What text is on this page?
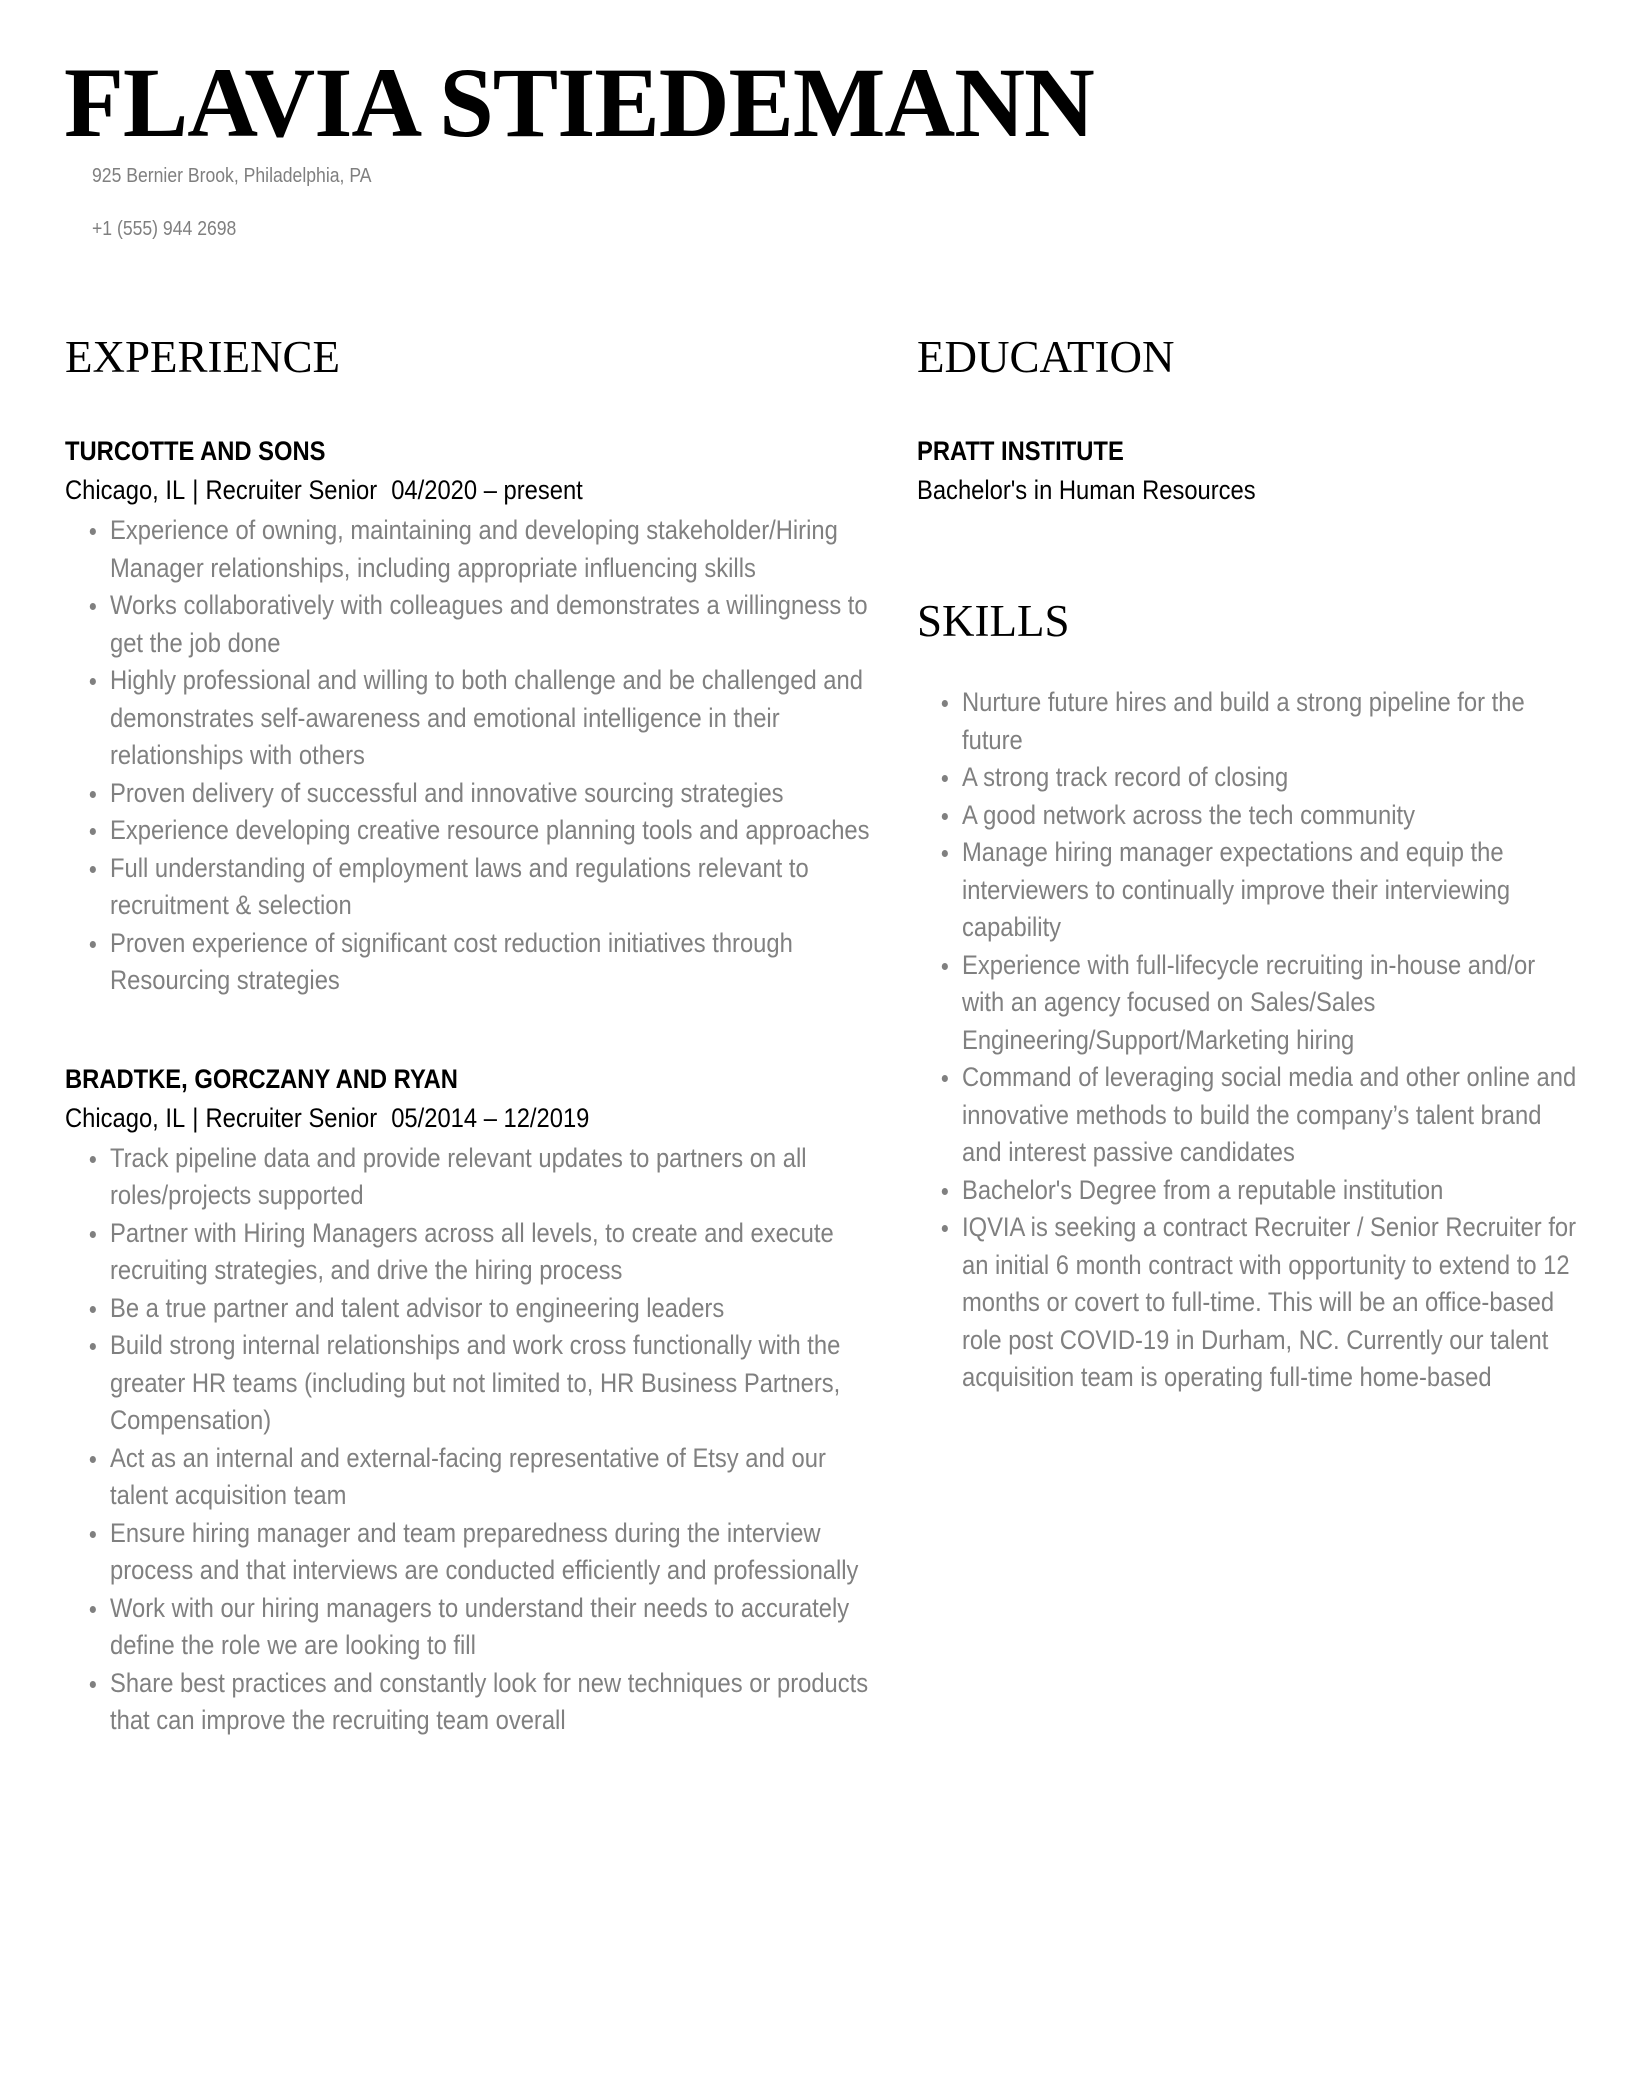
FLAVIA STIEDEMANN

925 Bernier Brook, Philadelphia, PA

+1 (555) 944 2698

EXPERIENCE

TURCOTTE AND SONS

Chicago, IL | Recruiter Senior 04/2020 – present

Experience of owning, maintaining and developing stakeholder/Hiring Manager relationships, including appropriate influencing skills
Works collaboratively with colleagues and demonstrates a willingness to get the job done
Highly professional and willing to both challenge and be challenged and demonstrates self-awareness and emotional intelligence in their relationships with others
Proven delivery of successful and innovative sourcing strategies
Experience developing creative resource planning tools and approaches
Full understanding of employment laws and regulations relevant to recruitment & selection
Proven experience of significant cost reduction initiatives through Resourcing strategies

BRADTKE, GORCZANY AND RYAN

Chicago, IL | Recruiter Senior 05/2014 – 12/2019

Track pipeline data and provide relevant updates to partners on all roles/projects supported
Partner with Hiring Managers across all levels, to create and execute recruiting strategies, and drive the hiring process
Be a true partner and talent advisor to engineering leaders
Build strong internal relationships and work cross functionally with the greater HR teams (including but not limited to, HR Business Partners, Compensation)
Act as an internal and external-facing representative of Etsy and our talent acquisition team
Ensure hiring manager and team preparedness during the interview process and that interviews are conducted efficiently and professionally
Work with our hiring managers to understand their needs to accurately define the role we are looking to fill
Share best practices and constantly look for new techniques or products that can improve the recruiting team overall
EDUCATION

PRATT INSTITUTE

Bachelor's in Human Resources

SKILLS
Nurture future hires and build a strong pipeline for the future
A strong track record of closing
A good network across the tech community
Manage hiring manager expectations and equip the interviewers to continually improve their interviewing capability
Experience with full-lifecycle recruiting in-house and/or with an agency focused on Sales/Sales Engineering/Support/Marketing hiring
Command of leveraging social media and other online and innovative methods to build the company’s talent brand and interest passive candidates
Bachelor's Degree from a reputable institution
IQVIA is seeking a contract Recruiter / Senior Recruiter for an initial 6 month contract with opportunity to extend to 12 months or covert to full-time. This will be an office-based role post COVID-19 in Durham, NC. Currently our talent acquisition team is operating full-time home-based
